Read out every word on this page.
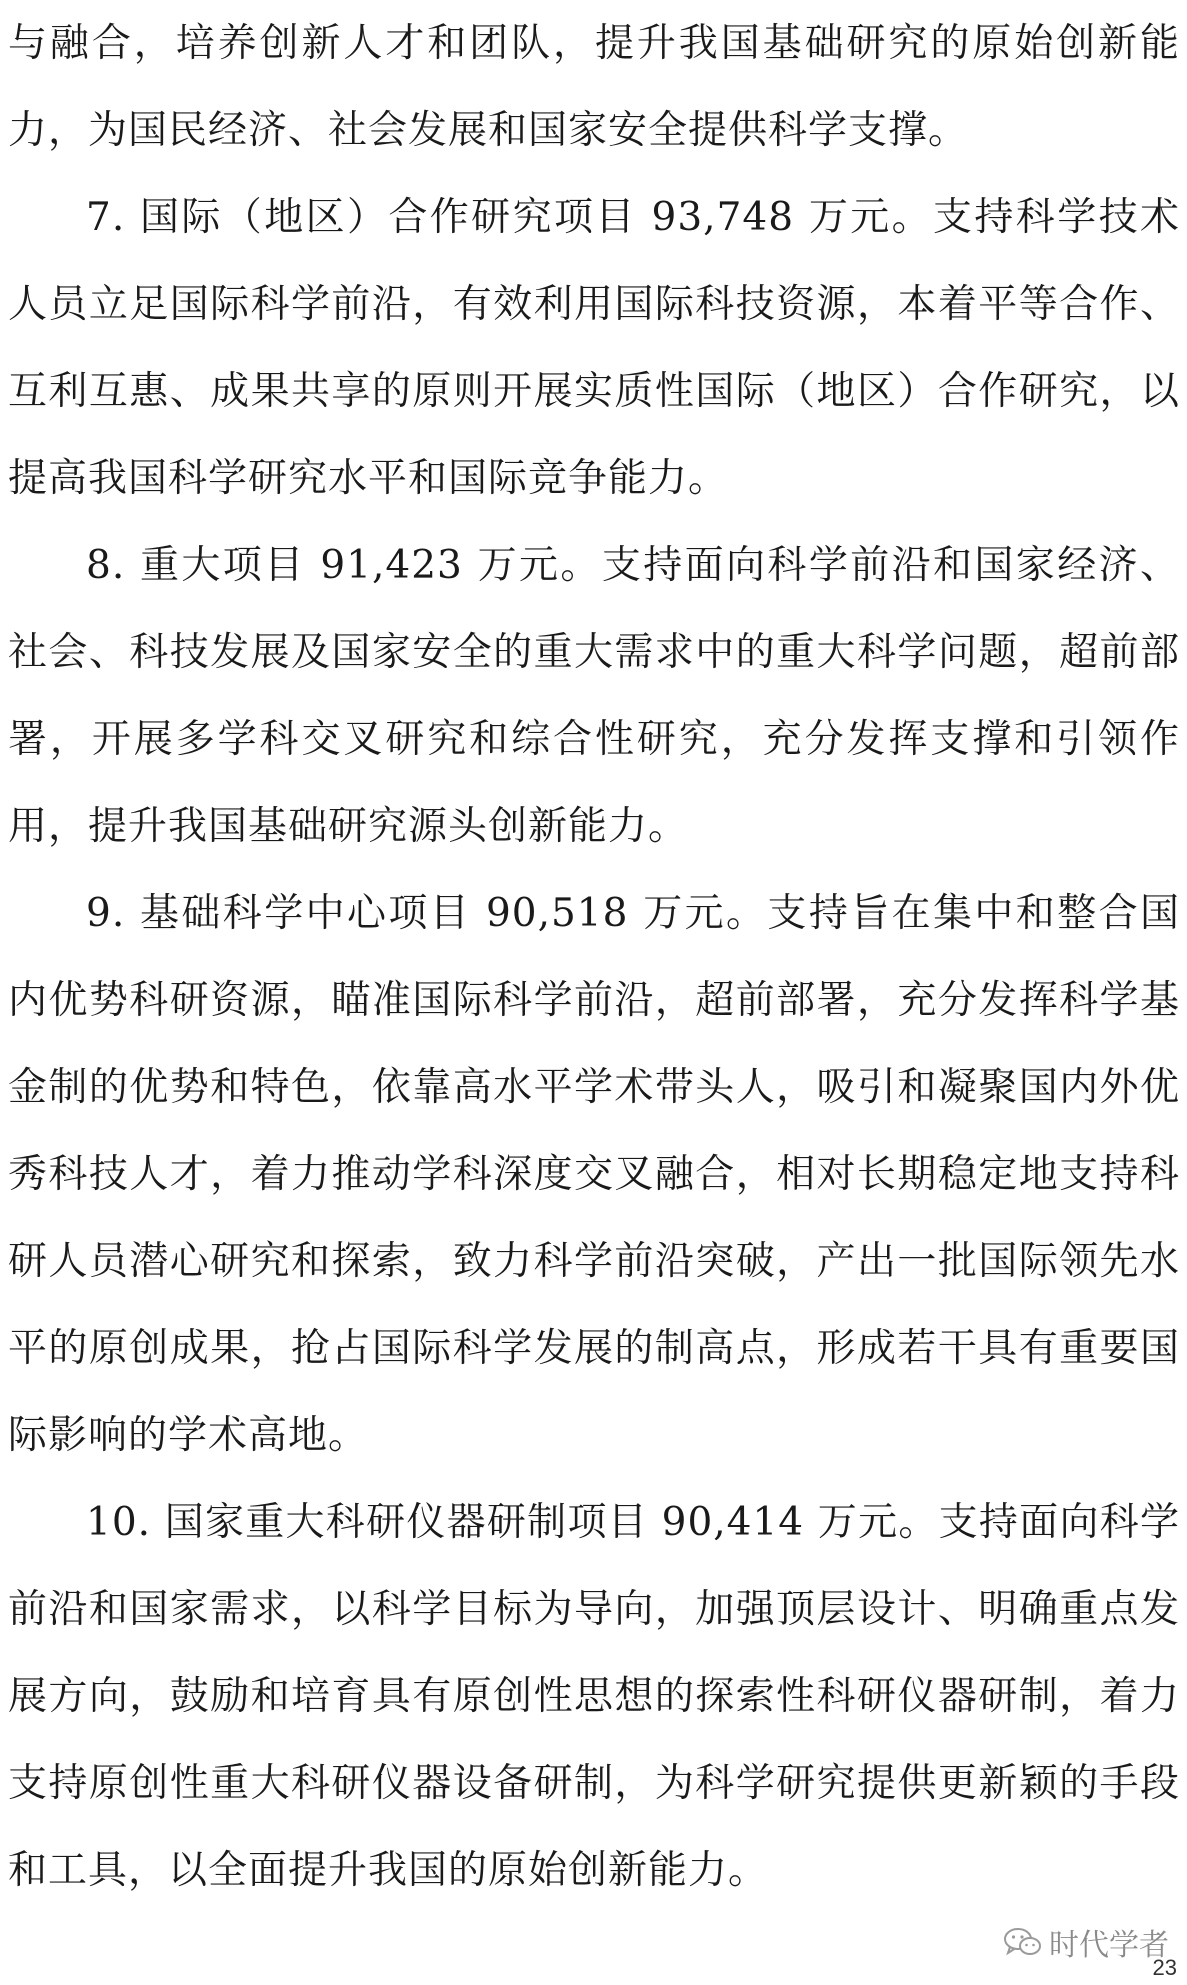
与融合，培养创新人才和团队，提升我国基础研究的原始创新能力，为国民经济、社会发展和国家安全提供科学支撑。

7. 国际（地区）合作研究项目 93,748 万元。支持科学技术人员立足国际科学前沿，有效利用国际科技资源，本着平等合作、互利互惠、成果共享的原则开展实质性国际（地区）合作研究，以提高我国科学研究水平和国际竞争能力。

8. 重大项目 91,423 万元。支持面向科学前沿和国家经济、社会、科技发展及国家安全的重大需求中的重大科学问题，超前部署，开展多学科交叉研究和综合性研究，充分发挥支撑和引领作用，提升我国基础研究源头创新能力。

9. 基础科学中心项目 90,518 万元。支持旨在集中和整合国内优势科研资源，瞄准国际科学前沿，超前部署，充分发挥科学基金制的优势和特色，依靠高水平学术带头人，吸引和凝聚国内外优秀科技人才，着力推动学科深度交叉融合，相对长期稳定地支持科研人员潜心研究和探索，致力科学前沿突破，产出一批国际领先水平的原创成果，抢占国际科学发展的制高点，形成若干具有重要国际影响的学术高地。

10. 国家重大科研仪器研制项目 90,414 万元。支持面向科学前沿和国家需求，以科学目标为导向，加强顶层设计、明确重点发展方向，鼓励和培育具有原创性思想的探索性科研仪器研制，着力支持原创性重大科研仪器设备研制，为科学研究提供更新颖的手段和工具，以全面提升我国的原始创新能力。

时代学者
23
